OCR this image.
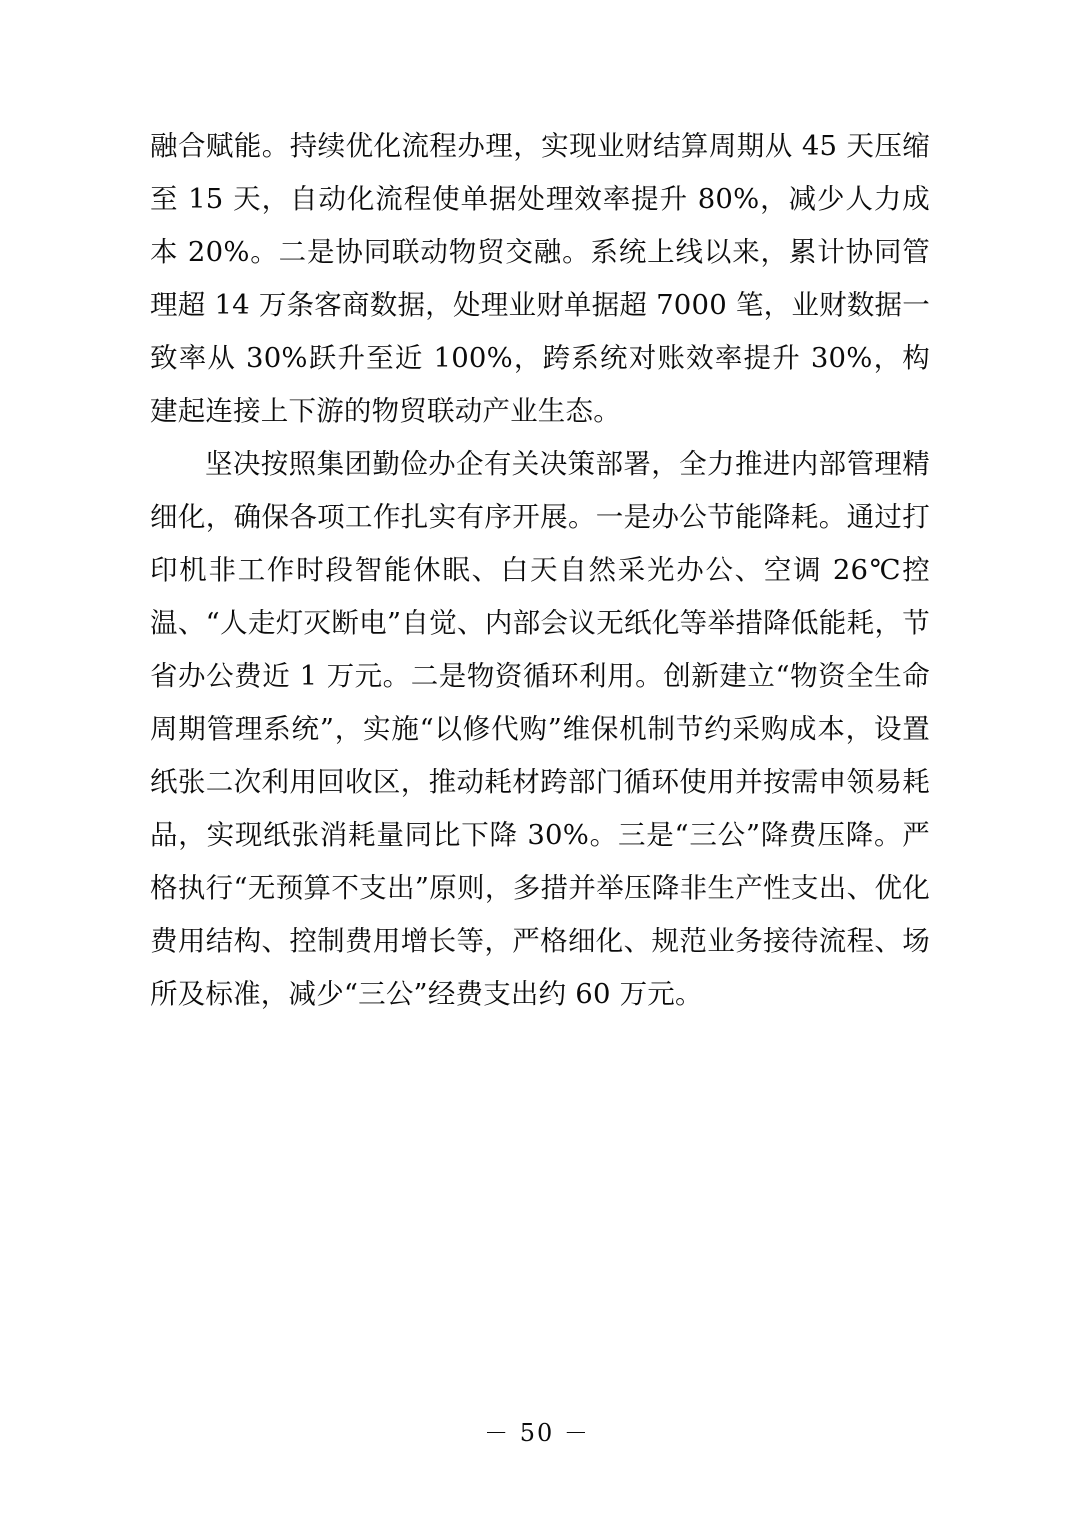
融合赋能。持续优化流程办理，实现业财结算周期从 45 天压缩至 15 天，自动化流程使单据处理效率提升 80%，减少人力成本 20%。二是协同联动物贸交融。系统上线以来，累计协同管理超 14 万条客商数据，处理业财单据超 7000 笔，业财数据一致率从 30%跃升至近 100%，跨系统对账效率提升 30%，构建起连接上下游的物贸联动产业生态。

坚决按照集团勤俭办企有关决策部署，全力推进内部管理精细化，确保各项工作扎实有序开展。一是办公节能降耗。通过打印机非工作时段智能休眠、白天自然采光办公、空调 26℃控温、“人走灯灭断电”自觉、内部会议无纸化等举措降低能耗，节省办公费近 1 万元。二是物资循环利用。创新建立“物资全生命周期管理系统”，实施“以修代购”维保机制节约采购成本，设置纸张二次利用回收区，推动耗材跨部门循环使用并按需申领易耗品，实现纸张消耗量同比下降 30%。三是“三公”降费压降。严格执行“无预算不支出”原则，多措并举压降非生产性支出、优化费用结构、控制费用增长等，严格细化、规范业务接待流程、场所及标准，减少“三公”经费支出约 60 万元。

－ 50 －
